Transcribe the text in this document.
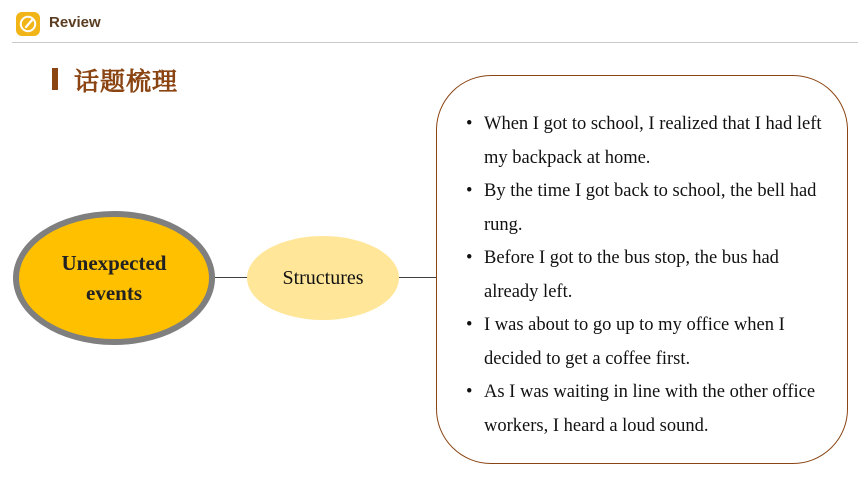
Review
话题梳理
Unexpected events
Structures
• When I got to school, I realized that I had left my backpack at home.
• By the time I got back to school, the bell had rung.
• Before I got to the bus stop, the bus had already left.
• I was about to go up to my office when I decided to get a coffee first.
• As I was waiting in line with the other office workers, I heard a loud sound.
